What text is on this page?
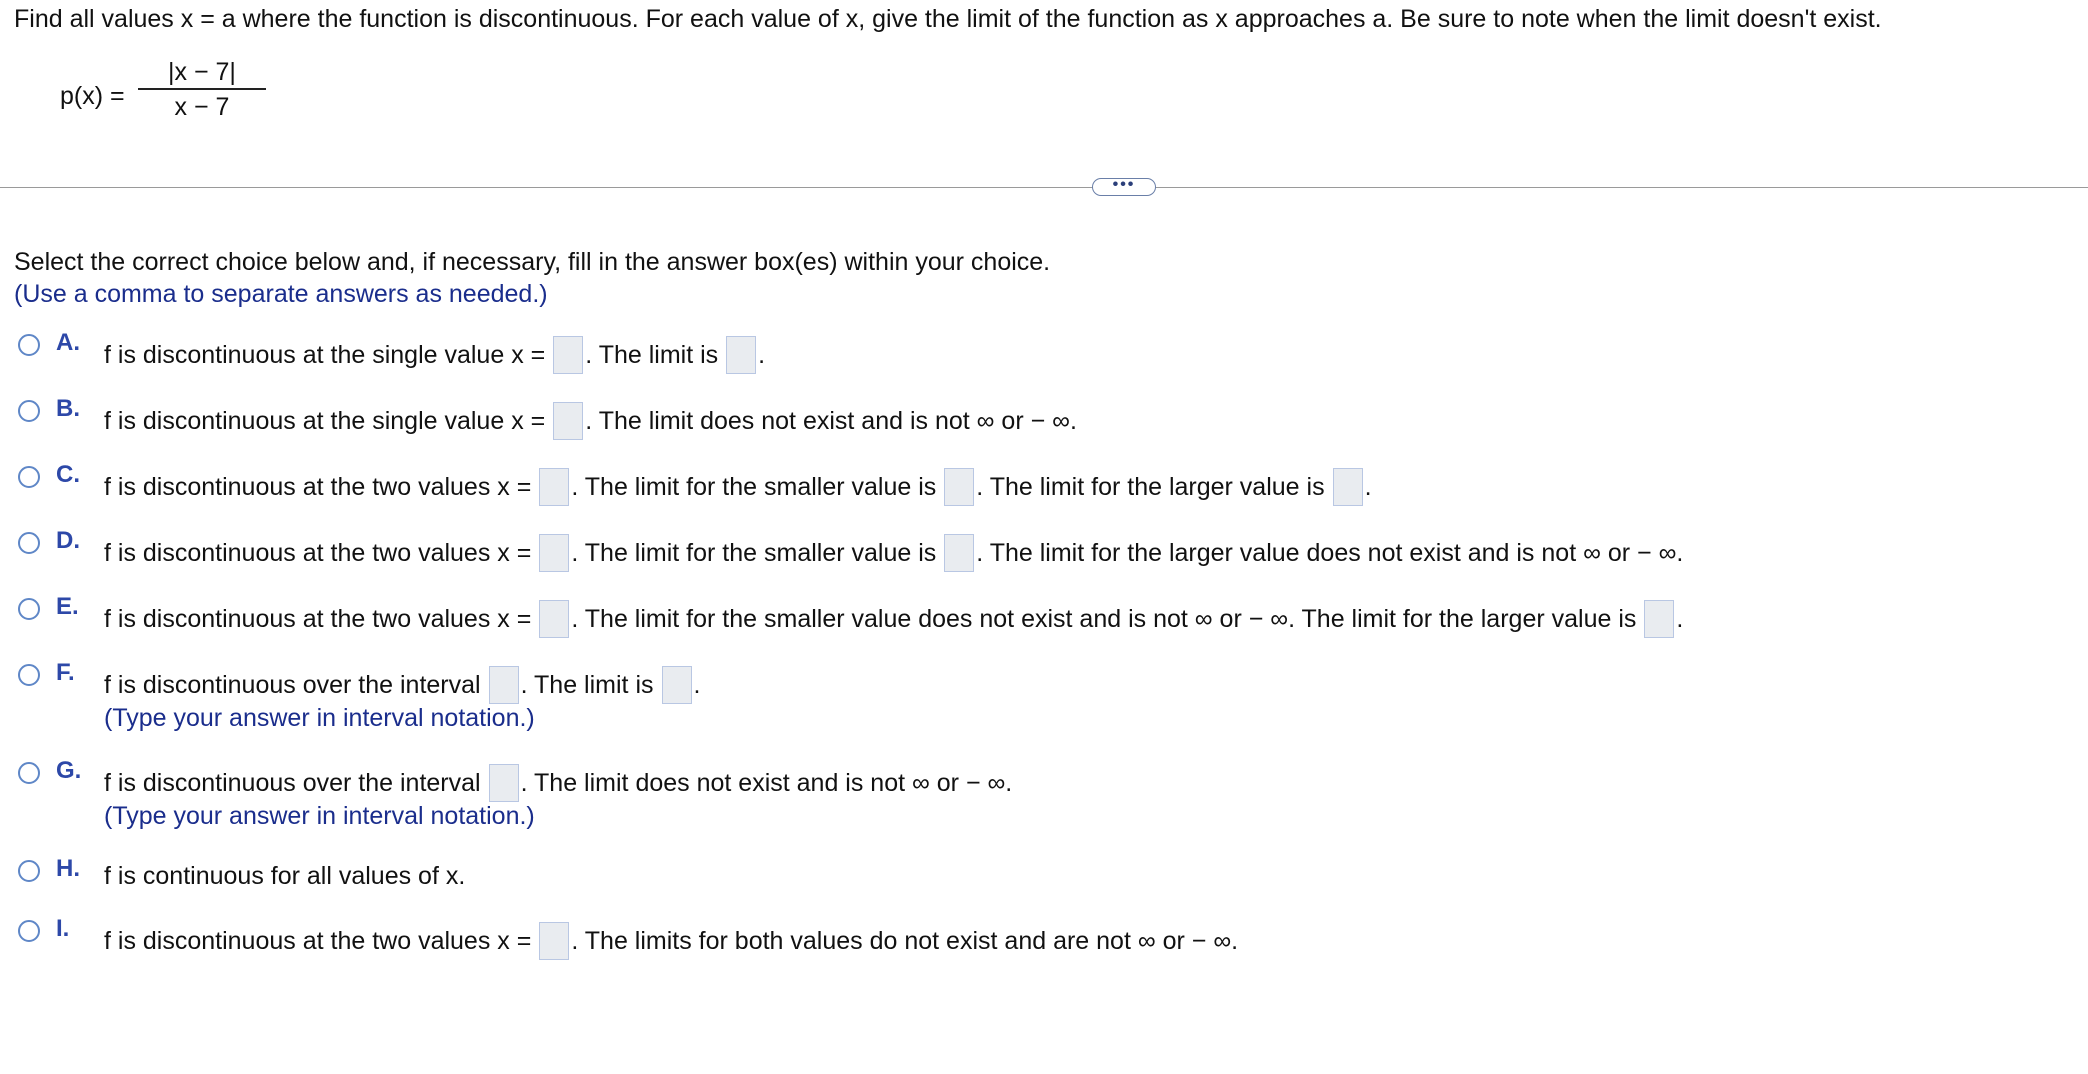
Find all values x = a where the function is discontinuous. For each value of x, give the limit of the function as x approaches a. Be sure to note when the limit doesn't exist.
p(x) =
|x − 7|
x − 7
•••
Select the correct choice below and, if necessary, fill in the answer box(es) within your choice.
(Use a comma to separate answers as needed.)
A. f is discontinuous at the single value x = . The limit is .
B. f is discontinuous at the single value x = . The limit does not exist and is not ∞ or − ∞.
C. f is discontinuous at the two values x = . The limit for the smaller value is . The limit for the larger value is .
D. f is discontinuous at the two values x = . The limit for the smaller value is . The limit for the larger value does not exist and is not ∞ or − ∞.
E. f is discontinuous at the two values x = . The limit for the smaller value does not exist and is not ∞ or − ∞. The limit for the larger value is .
F. f is discontinuous over the interval . The limit is .
(Type your answer in interval notation.)
G. f is discontinuous over the interval . The limit does not exist and is not ∞ or − ∞.
(Type your answer in interval notation.)
H. f is continuous for all values of x.
I. f is discontinuous at the two values x = . The limits for both values do not exist and are not ∞ or − ∞.
